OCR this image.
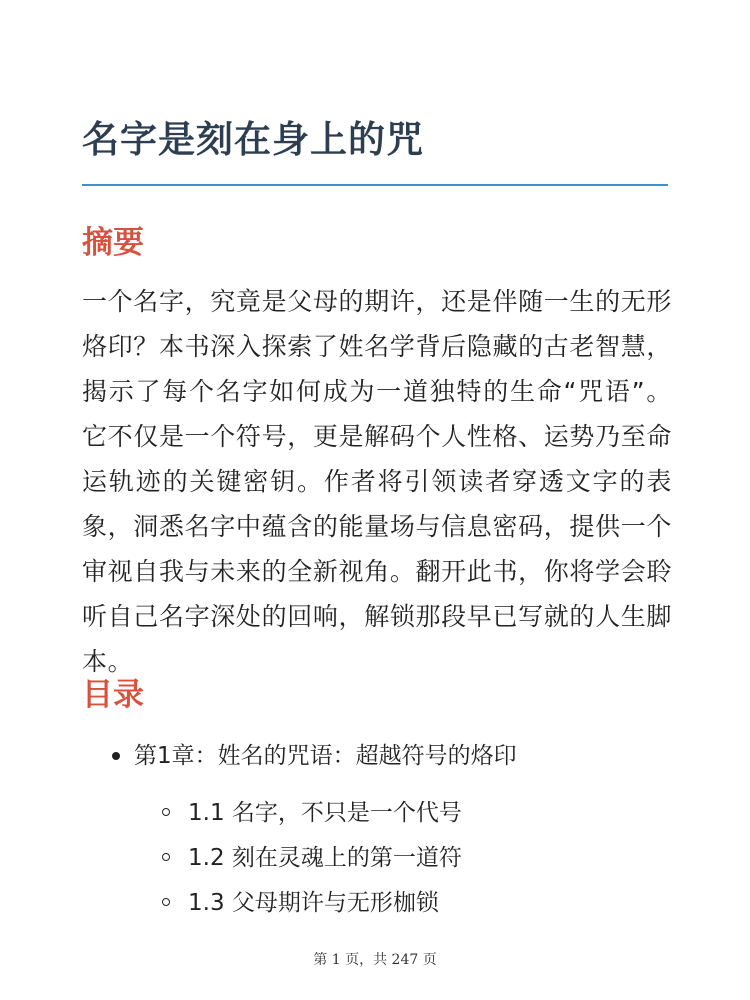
名字是刻在身上的咒
摘要

一个名字，究竟是父母的期许，还是伴随一生的无形烙印？本书深入探索了姓名学背后隐藏的古老智慧，揭示了每个名字如何成为一道独特的生命“咒语”。它不仅是一个符号，更是解码个人性格、运势乃至命运轨迹的关键密钥。作者将引领读者穿透文字的表象，洞悉名字中蕴含的能量场与信息密码，提供一个审视自我与未来的全新视角。翻开此书，你将学会聆听自己名字深处的回响，解锁那段早已写就的人生脚本。

目录
第1章：姓名的咒语：超越符号的烙印
1.1 名字，不只是一个代号
1.2 刻在灵魂上的第一道符
1.3 父母期许与无形枷锁
第 1 页，共 247 页
